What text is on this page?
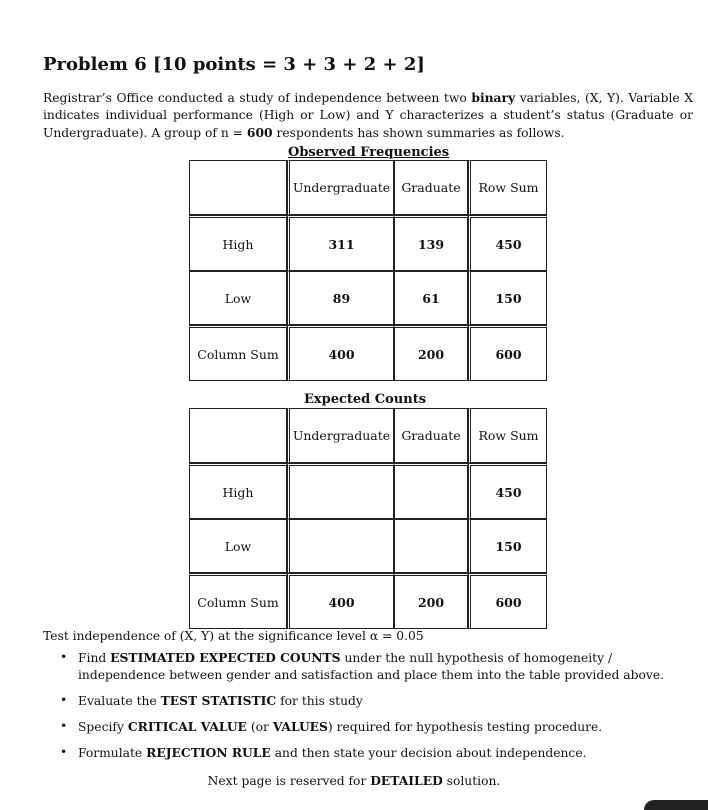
Problem 6 [10 points = 3 + 3 + 2 + 2]
Registrar’s Office conducted a study of independence between two binary variables, (X, Y). Variable X indicates individual performance (High or Low) and Y characterizes a student’s status (Graduate or Undergraduate). A group of n = 600 respondents has shown summaries as follows.
Observed Frequencies
	Undergraduate	Graduate	Row Sum
High	311	139	450
Low	89	61	150
Column Sum	400	200	600
Expected Counts
	Undergraduate	Graduate	Row Sum
High			450
Low			150
Column Sum	400	200	600
Test independence of (X, Y) at the significance level α = 0.05
• Find ESTIMATED EXPECTED COUNTS under the null hypothesis of homogeneity / independence between gender and satisfaction and place them into the table provided above.
• Evaluate the TEST STATISTIC for this study
• Specify CRITICAL VALUE (or VALUES) required for hypothesis testing procedure.
• Formulate REJECTION RULE and then state your decision about independence.
Next page is reserved for DETAILED solution.
